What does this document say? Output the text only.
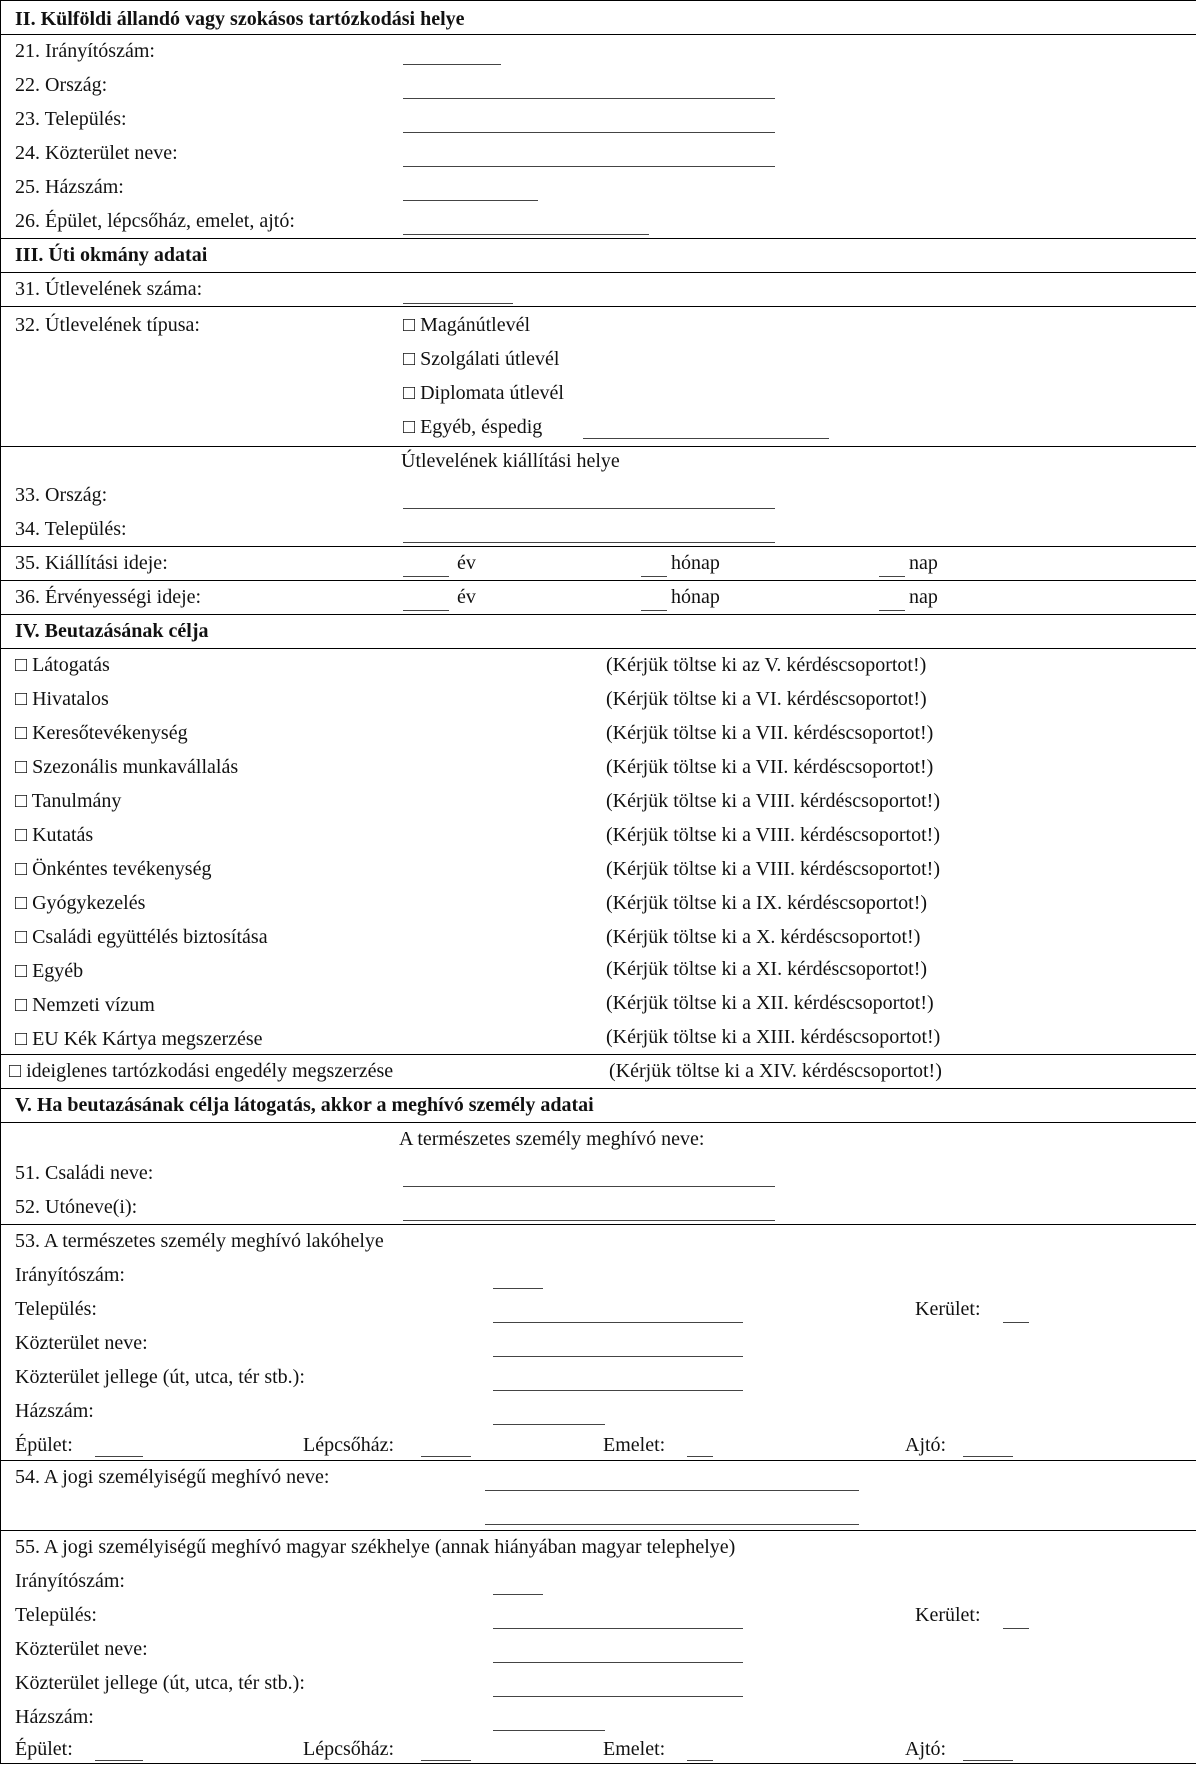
II. Külföldi állandó vagy szokásos tartózkodási helye
21. Irányítószám:
22. Ország:
23. Település:
24. Közterület neve:
25. Házszám:
26. Épület, lépcsőház, emelet, ajtó:
III. Úti okmány adatai
31. Útlevelének száma:
32. Útlevelének típusa:	□ Magánútlevél
□ Szolgálati útlevél
□ Diplomata útlevél
□ Egyéb, éspedig
Útlevelének kiállítási helye
33. Ország:
34. Település:
35. Kiállítási ideje:	év	hónap	nap
36. Érvényességi ideje:	év	hónap	nap
IV. Beutazásának célja
□ Látogatás	(Kérjük töltse ki az V. kérdéscsoportot!)
□ Hivatalos	(Kérjük töltse ki a VI. kérdéscsoportot!)
□ Keresőtevékenység	(Kérjük töltse ki a VII. kérdéscsoportot!)
□ Szezonális munkavállalás	(Kérjük töltse ki a VII. kérdéscsoportot!)
□ Tanulmány	(Kérjük töltse ki a VIII. kérdéscsoportot!)
□ Kutatás	(Kérjük töltse ki a VIII. kérdéscsoportot!)
□ Önkéntes tevékenység	(Kérjük töltse ki a VIII. kérdéscsoportot!)
□ Gyógykezelés	(Kérjük töltse ki a IX. kérdéscsoportot!)
□ Családi együttélés biztosítása	(Kérjük töltse ki a X. kérdéscsoportot!)
□ Egyéb	(Kérjük töltse ki a XI. kérdéscsoportot!)
□ Nemzeti vízum	(Kérjük töltse ki a XII. kérdéscsoportot!)
□ EU Kék Kártya megszerzése	(Kérjük töltse ki a XIII. kérdéscsoportot!)
□ ideiglenes tartózkodási engedély megszerzése	(Kérjük töltse ki a XIV. kérdéscsoportot!)
V. Ha beutazásának célja látogatás, akkor a meghívó személy adatai
A természetes személy meghívó neve:
51. Családi neve:
52. Utóneve(i):
53. A természetes személy meghívó lakóhelye
Irányítószám:
Település:	Kerület:
Közterület neve:
Közterület jellege (út, utca, tér stb.):
Házszám:
Épület:	Lépcsőház:	Emelet:	Ajtó:
54. A jogi személyiségű meghívó neve:
55. A jogi személyiségű meghívó magyar székhelye (annak hiányában magyar telephelye)
Irányítószám:
Település:	Kerület:
Közterület neve:
Közterület jellege (út, utca, tér stb.):
Házszám:
Épület:	Lépcsőház:	Emelet:	Ajtó:
